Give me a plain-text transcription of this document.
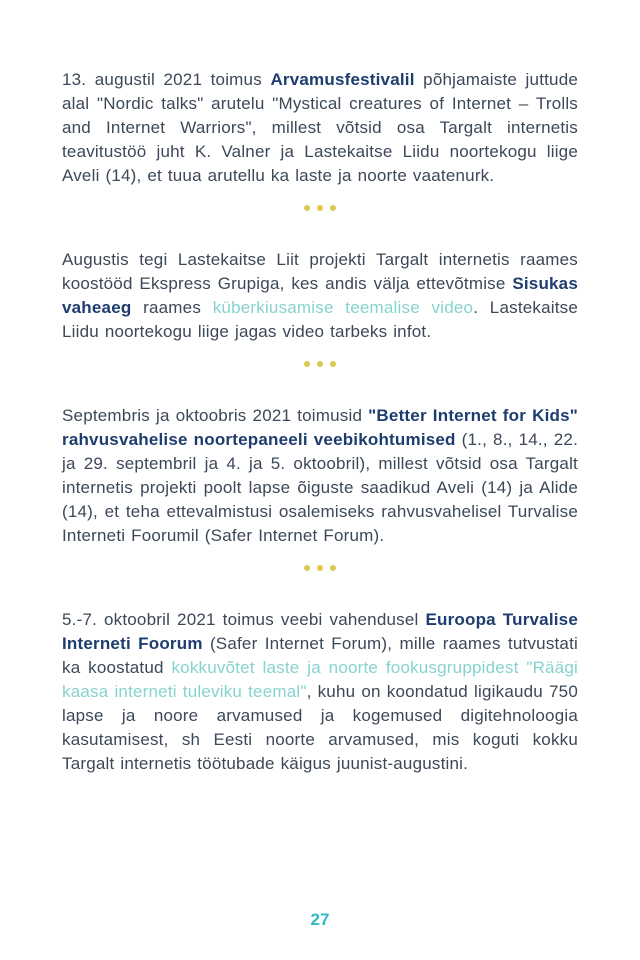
13. augustil 2021 toimus Arvamusfestivalil põhjamaiste juttude alal "Nordic talks" arutelu "Mystical creatures of Internet – Trolls and Internet Warriors", millest võtsid osa Targalt internetis teavitustöö juht K. Valner ja Lastekaitse Liidu noortekogu liige Aveli (14), et tuua arutellu ka laste ja noorte vaatenurk.

Augustis tegi Lastekaitse Liit projekti Targalt internetis raames koostööd Ekspress Grupiga, kes andis välja ettevõtmise Sisukas vaheaeg raames küberkiusamise teemalise video. Lastekaitse Liidu noortekogu liige jagas video tarbeks infot.

Septembris ja oktoobris 2021 toimusid "Better Internet for Kids" rahvusvahelise noortepaneeli veebikohtumised (1., 8., 14., 22. ja 29. septembril ja 4. ja 5. oktoobril), millest võtsid osa Targalt internetis projekti poolt lapse õiguste saadikud Aveli (14) ja Alide (14), et teha ettevalmistusi osalemiseks rahvusvahelisel Turvalise Interneti Foorumil (Safer Internet Forum).

5.-7. oktoobril 2021 toimus veebi vahendusel Euroopa Turvalise Interneti Foorum (Safer Internet Forum), mille raames tutvustati ka koostatud kokkuvõtet laste ja noorte fookusgruppidest "Räägi kaasa interneti tuleviku teemal", kuhu on koondatud ligikaudu 750 lapse ja noore arvamused ja kogemused digitehnoloogia kasutamisest, sh Eesti noorte arvamused, mis koguti kokku Targalt internetis töötubade käigus juunist-augustini.

27
